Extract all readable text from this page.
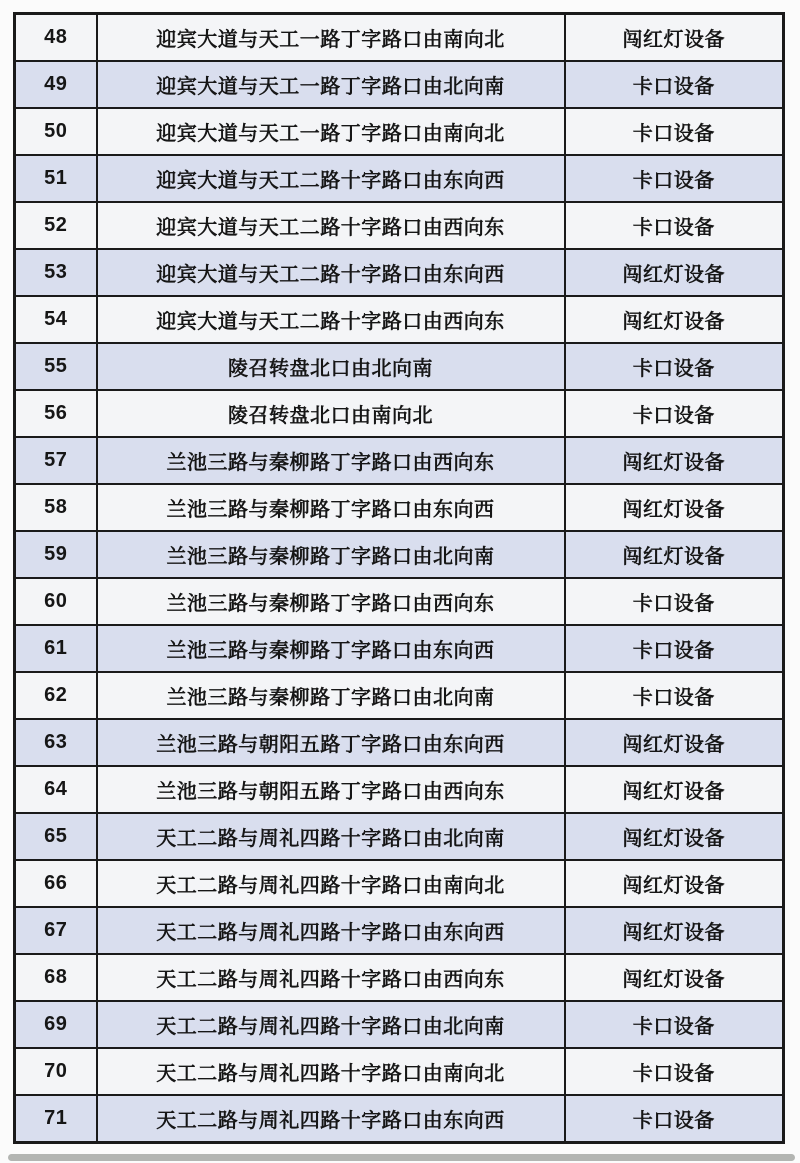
48	迎宾大道与天工一路丁字路口由南向北	闯红灯设备
49	迎宾大道与天工一路丁字路口由北向南	卡口设备
50	迎宾大道与天工一路丁字路口由南向北	卡口设备
51	迎宾大道与天工二路十字路口由东向西	卡口设备
52	迎宾大道与天工二路十字路口由西向东	卡口设备
53	迎宾大道与天工二路十字路口由东向西	闯红灯设备
54	迎宾大道与天工二路十字路口由西向东	闯红灯设备
55	陵召转盘北口由北向南	卡口设备
56	陵召转盘北口由南向北	卡口设备
57	兰池三路与秦柳路丁字路口由西向东	闯红灯设备
58	兰池三路与秦柳路丁字路口由东向西	闯红灯设备
59	兰池三路与秦柳路丁字路口由北向南	闯红灯设备
60	兰池三路与秦柳路丁字路口由西向东	卡口设备
61	兰池三路与秦柳路丁字路口由东向西	卡口设备
62	兰池三路与秦柳路丁字路口由北向南	卡口设备
63	兰池三路与朝阳五路丁字路口由东向西	闯红灯设备
64	兰池三路与朝阳五路丁字路口由西向东	闯红灯设备
65	天工二路与周礼四路十字路口由北向南	闯红灯设备
66	天工二路与周礼四路十字路口由南向北	闯红灯设备
67	天工二路与周礼四路十字路口由东向西	闯红灯设备
68	天工二路与周礼四路十字路口由西向东	闯红灯设备
69	天工二路与周礼四路十字路口由北向南	卡口设备
70	天工二路与周礼四路十字路口由南向北	卡口设备
71	天工二路与周礼四路十字路口由东向西	卡口设备
